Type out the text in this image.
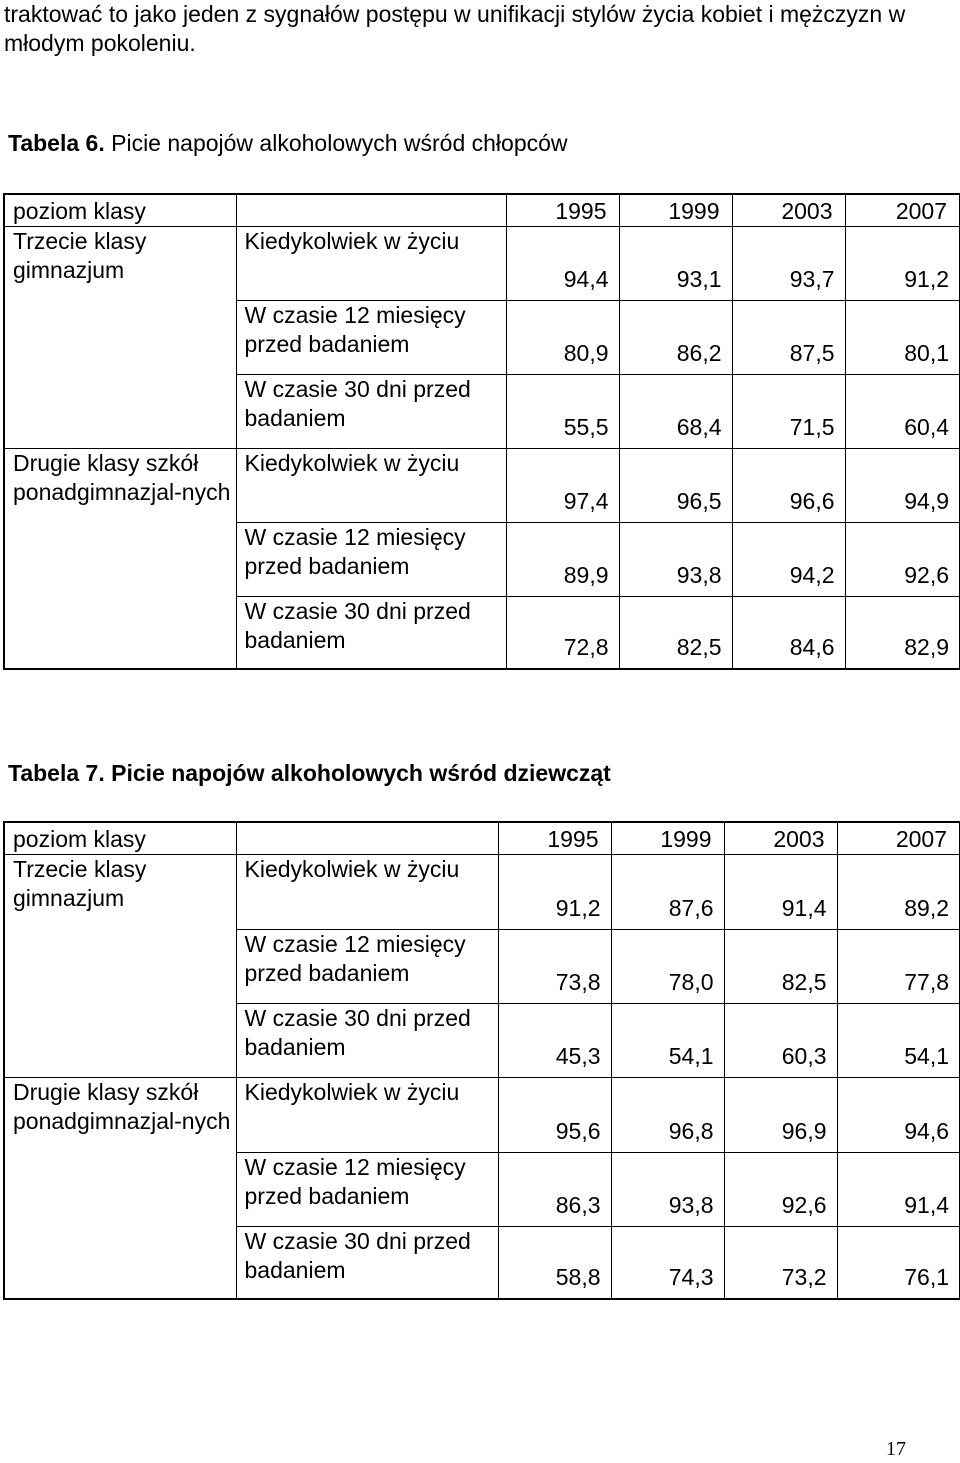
traktować to jako jeden z sygnałów postępu w unifikacji stylów życia kobiet i mężczyzn w młodym pokoleniu.
Tabela 6. Picie napojów alkoholowych wśród chłopców
poziom klasy		1995	1999	2003	2007
Trzecie klasy gimnazjum	Kiedykolwiek w życiu	94,4	93,1	93,7	91,2
	W czasie 12 miesięcy przed badaniem	80,9	86,2	87,5	80,1
	W czasie 30 dni przed badaniem	55,5	68,4	71,5	60,4
Drugie klasy szkół ponadgimnazjal-nych	Kiedykolwiek w życiu	97,4	96,5	96,6	94,9
	W czasie 12 miesięcy przed badaniem	89,9	93,8	94,2	92,6
	W czasie 30 dni przed badaniem	72,8	82,5	84,6	82,9
Tabela 7. Picie napojów alkoholowych wśród dziewcząt
poziom klasy		1995	1999	2003	2007
Trzecie klasy gimnazjum	Kiedykolwiek w życiu	91,2	87,6	91,4	89,2
	W czasie 12 miesięcy przed badaniem	73,8	78,0	82,5	77,8
	W czasie 30 dni przed badaniem	45,3	54,1	60,3	54,1
Drugie klasy szkół ponadgimnazjal-nych	Kiedykolwiek w życiu	95,6	96,8	96,9	94,6
	W czasie 12 miesięcy przed badaniem	86,3	93,8	92,6	91,4
	W czasie 30 dni przed badaniem	58,8	74,3	73,2	76,1
17
